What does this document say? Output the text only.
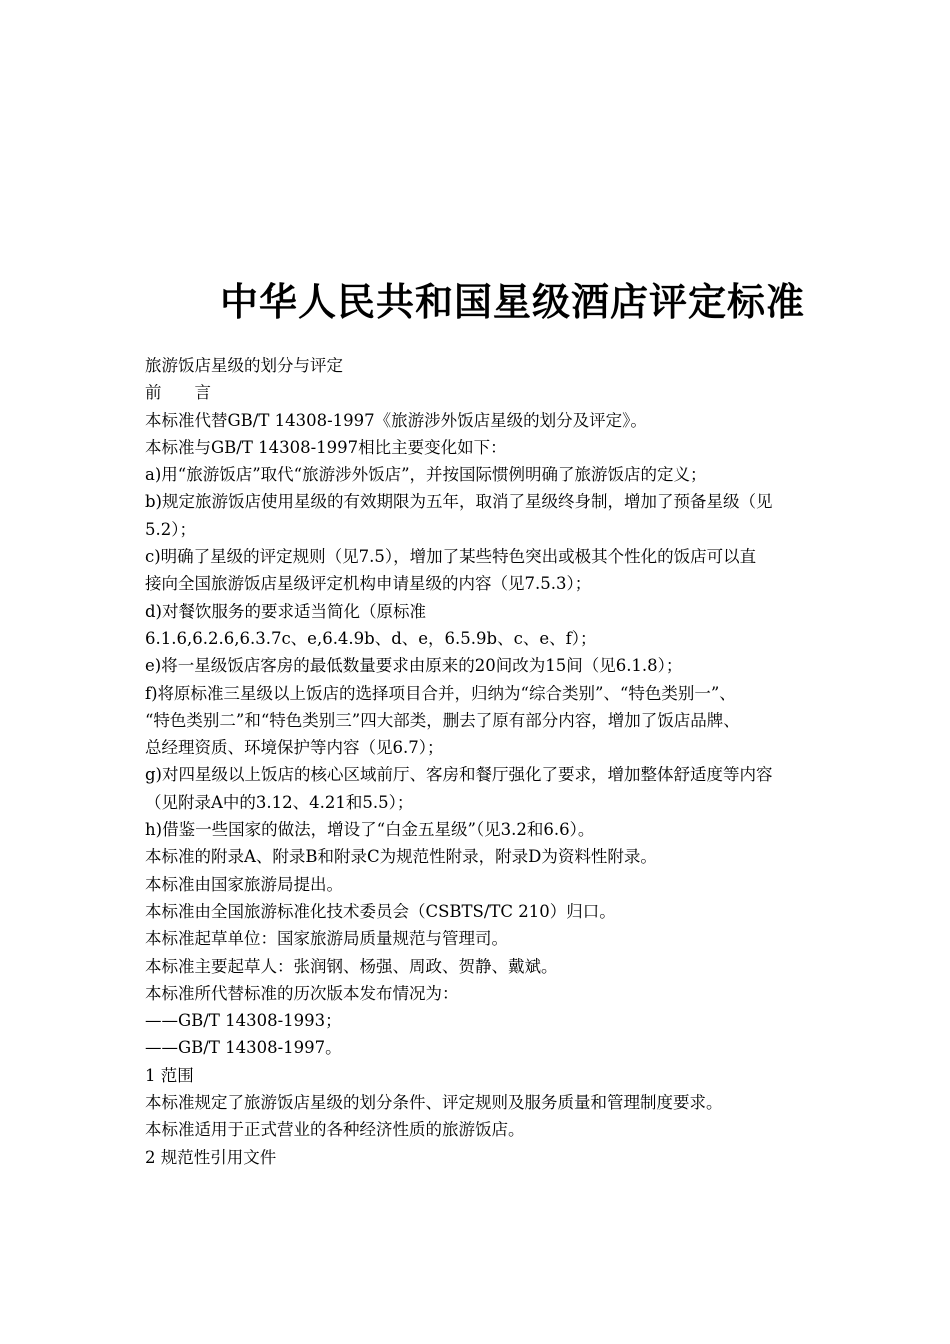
中华人民共和国星级酒店评定标准
旅游饭店星级的划分与评定
前　　言
本标准代替GB/T 14308-1997《旅游涉外饭店星级的划分及评定》。
本标准与GB/T 14308-1997相比主要变化如下：
a)用“旅游饭店”取代“旅游涉外饭店”，并按国际惯例明确了旅游饭店的定义；
b)规定旅游饭店使用星级的有效期限为五年，取消了星级终身制，增加了预备星级（见
5.2）；
c)明确了星级的评定规则（见7.5），增加了某些特色突出或极其个性化的饭店可以直
接向全国旅游饭店星级评定机构申请星级的内容（见7.5.3）；
d)对餐饮服务的要求适当简化（原标准
6.1.6,6.2.6,6.3.7c、e,6.4.9b、d、e，6.5.9b、c、e、f）；
e)将一星级饭店客房的最低数量要求由原来的20间改为15间（见6.1.8）；
f)将原标准三星级以上饭店的选择项目合并，归纳为“综合类别”、“特色类别一”、
“特色类别二”和“特色类别三”四大部类，删去了原有部分内容，增加了饭店品牌、
总经理资质、环境保护等内容（见6.7）；
g)对四星级以上饭店的核心区域前厅、客房和餐厅强化了要求，增加整体舒适度等内容
（见附录A中的3.12、4.21和5.5）；
h)借鉴一些国家的做法，增设了“白金五星级”（见3.2和6.6）。
本标准的附录A、附录B和附录C为规范性附录，附录D为资料性附录。
本标准由国家旅游局提出。
本标准由全国旅游标准化技术委员会（CSBTS/TC 210）归口。
本标准起草单位：国家旅游局质量规范与管理司。
本标准主要起草人：张润钢、杨强、周政、贺静、戴斌。
本标准所代替标准的历次版本发布情况为：
——GB/T 14308-1993；
——GB/T 14308-1997。
1 范围
本标准规定了旅游饭店星级的划分条件、评定规则及服务质量和管理制度要求。
本标准适用于正式营业的各种经济性质的旅游饭店。
2 规范性引用文件
